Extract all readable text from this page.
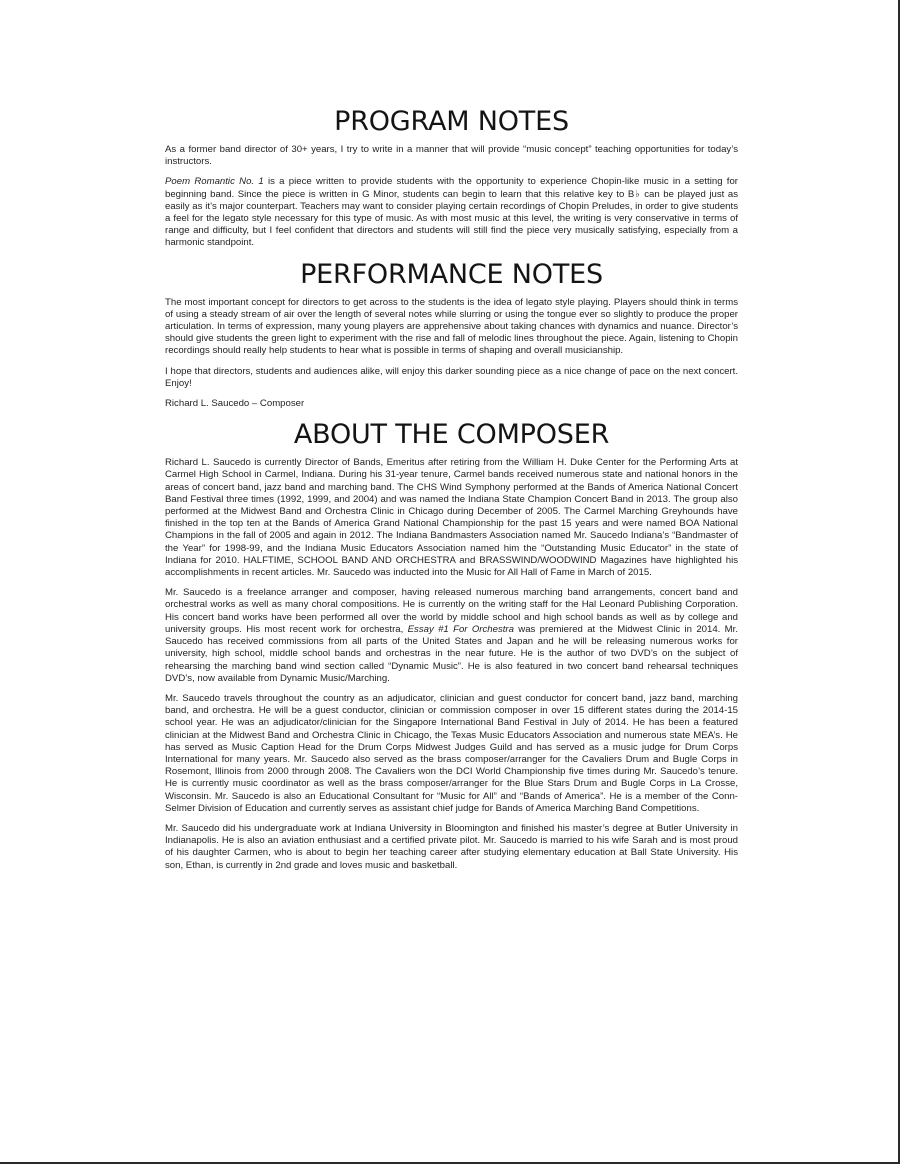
PROGRAM NOTES

As a former band director of 30+ years, I try to write in a manner that will provide “music concept” teaching opportunities for today’s instructors.

Poem Romantic No. 1 is a piece written to provide students with the opportunity to experience Chopin-like music in a setting for beginning band. Since the piece is written in G Minor, students can begin to learn that this relative key to B♭ can be played just as easily as it’s major counterpart. Teachers may want to consider playing certain recordings of Chopin Preludes, in order to give students a feel for the legato style necessary for this type of music. As with most music at this level, the writing is very conservative in terms of range and difficulty, but I feel confident that directors and students will still find the piece very musically satisfying, especially from a harmonic standpoint.

PERFORMANCE NOTES

The most important concept for directors to get across to the students is the idea of legato style playing. Players should think in terms of using a steady stream of air over the length of several notes while slurring or using the tongue ever so slightly to produce the proper articulation. In terms of expression, many young players are apprehensive about taking chances with dynamics and nuance. Director’s should give students the green light to experiment with the rise and fall of melodic lines throughout the piece. Again, listening to Chopin recordings should really help students to hear what is possible in terms of shaping and overall musicianship.

I hope that directors, students and audiences alike, will enjoy this darker sounding piece as a nice change of pace on the next concert. Enjoy!

Richard L. Saucedo – Composer

ABOUT THE COMPOSER

Richard L. Saucedo is currently Director of Bands, Emeritus after retiring from the William H. Duke Center for the Performing Arts at Carmel High School in Carmel, Indiana. During his 31-year tenure, Carmel bands received numerous state and national honors in the areas of concert band, jazz band and marching band. The CHS Wind Symphony performed at the Bands of America National Concert Band Festival three times (1992, 1999, and 2004) and was named the Indiana State Champion Concert Band in 2013. The group also performed at the Midwest Band and Orchestra Clinic in Chicago during December of 2005. The Carmel Marching Greyhounds have finished in the top ten at the Bands of America Grand National Championship for the past 15 years and were named BOA National Champions in the fall of 2005 and again in 2012. The Indiana Bandmasters Association named Mr. Saucedo Indiana’s “Bandmaster of the Year” for 1998-99, and the Indiana Music Educators Association named him the “Outstanding Music Educator” in the state of Indiana for 2010. HALFTIME, SCHOOL BAND AND ORCHESTRA and BRASSWIND/WOODWIND Magazines have highlighted his accomplishments in recent articles. Mr. Saucedo was inducted into the Music for All Hall of Fame in March of 2015.

Mr. Saucedo is a freelance arranger and composer, having released numerous marching band arrangements, concert band and orchestral works as well as many choral compositions. He is currently on the writing staff for the Hal Leonard Publishing Corporation. His concert band works have been performed all over the world by middle school and high school bands as well as by college and university groups. His most recent work for orchestra, Essay #1 For Orchestra was premiered at the Midwest Clinic in 2014. Mr. Saucedo has received commissions from all parts of the United States and Japan and he will be releasing numerous works for university, high school, middle school bands and orchestras in the near future. He is the author of two DVD’s on the subject of rehearsing the marching band wind section called “Dynamic Music”. He is also featured in two concert band rehearsal techniques DVD’s, now available from Dynamic Music/Marching.

Mr. Saucedo travels throughout the country as an adjudicator, clinician and guest conductor for concert band, jazz band, marching band, and orchestra. He will be a guest conductor, clinician or commission composer in over 15 different states during the 2014-15 school year. He was an adjudicator/clinician for the Singapore International Band Festival in July of 2014. He has been a featured clinician at the Midwest Band and Orchestra Clinic in Chicago, the Texas Music Educators Association and numerous state MEA’s. He has served as Music Caption Head for the Drum Corps Midwest Judges Guild and has served as a music judge for Drum Corps International for many years. Mr. Saucedo also served as the brass composer/arranger for the Cavaliers Drum and Bugle Corps in Rosemont, Illinois from 2000 through 2008. The Cavaliers won the DCI World Championship five times during Mr. Saucedo’s tenure. He is currently music coordinator as well as the brass composer/arranger for the Blue Stars Drum and Bugle Corps in La Crosse, Wisconsin. Mr. Saucedo is also an Educational Consultant for “Music for All” and “Bands of America”. He is a member of the Conn-Selmer Division of Education and currently serves as assistant chief judge for Bands of America Marching Band Competitions.

Mr. Saucedo did his undergraduate work at Indiana University in Bloomington and finished his master’s degree at Butler University in Indianapolis. He is also an aviation enthusiast and a certified private pilot. Mr. Saucedo is married to his wife Sarah and is most proud of his daughter Carmen, who is about to begin her teaching career after studying elementary education at Ball State University. His son, Ethan, is currently in 2nd grade and loves music and basketball.
